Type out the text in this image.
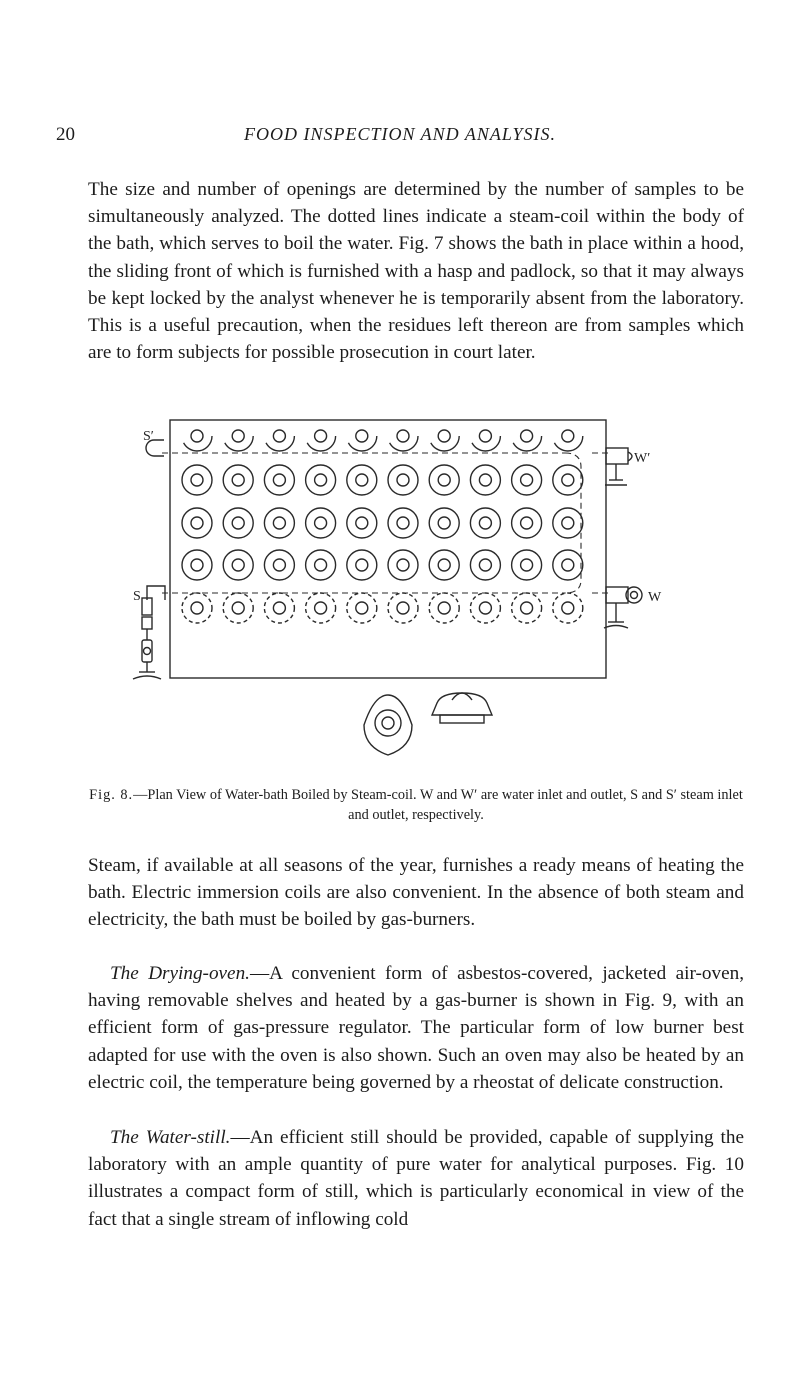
20	FOOD INSPECTION AND ANALYSIS.

The size and number of openings are determined by the number of samples to be simultaneously analyzed. The dotted lines indicate a steam-coil within the body of the bath, which serves to boil the water. Fig. 7 shows the bath in place within a hood, the sliding front of which is furnished with a hasp and padlock, so that it may always be kept locked by the analyst whenever he is temporarily absent from the laboratory. This is a useful precaution, when the residues left thereon are from samples which are to form subjects for possible prosecution in court later.

S′
S
W′
W

Fig. 8.—Plan View of Water-bath Boiled by Steam-coil. W and W′ are water inlet and outlet, S and S′ steam inlet and outlet, respectively.

Steam, if available at all seasons of the year, furnishes a ready means of heating the bath. Electric immersion coils are also convenient. In the absence of both steam and electricity, the bath must be boiled by gas-burners.

The Drying-oven.—A convenient form of asbestos-covered, jacketed air-oven, having removable shelves and heated by a gas-burner is shown in Fig. 9, with an efficient form of gas-pressure regulator. The particular form of low burner best adapted for use with the oven is also shown. Such an oven may also be heated by an electric coil, the temperature being governed by a rheostat of delicate construction.

The Water-still.—An efficient still should be provided, capable of supplying the laboratory with an ample quantity of pure water for analytical purposes. Fig. 10 illustrates a compact form of still, which is particularly economical in view of the fact that a single stream of inflowing cold
